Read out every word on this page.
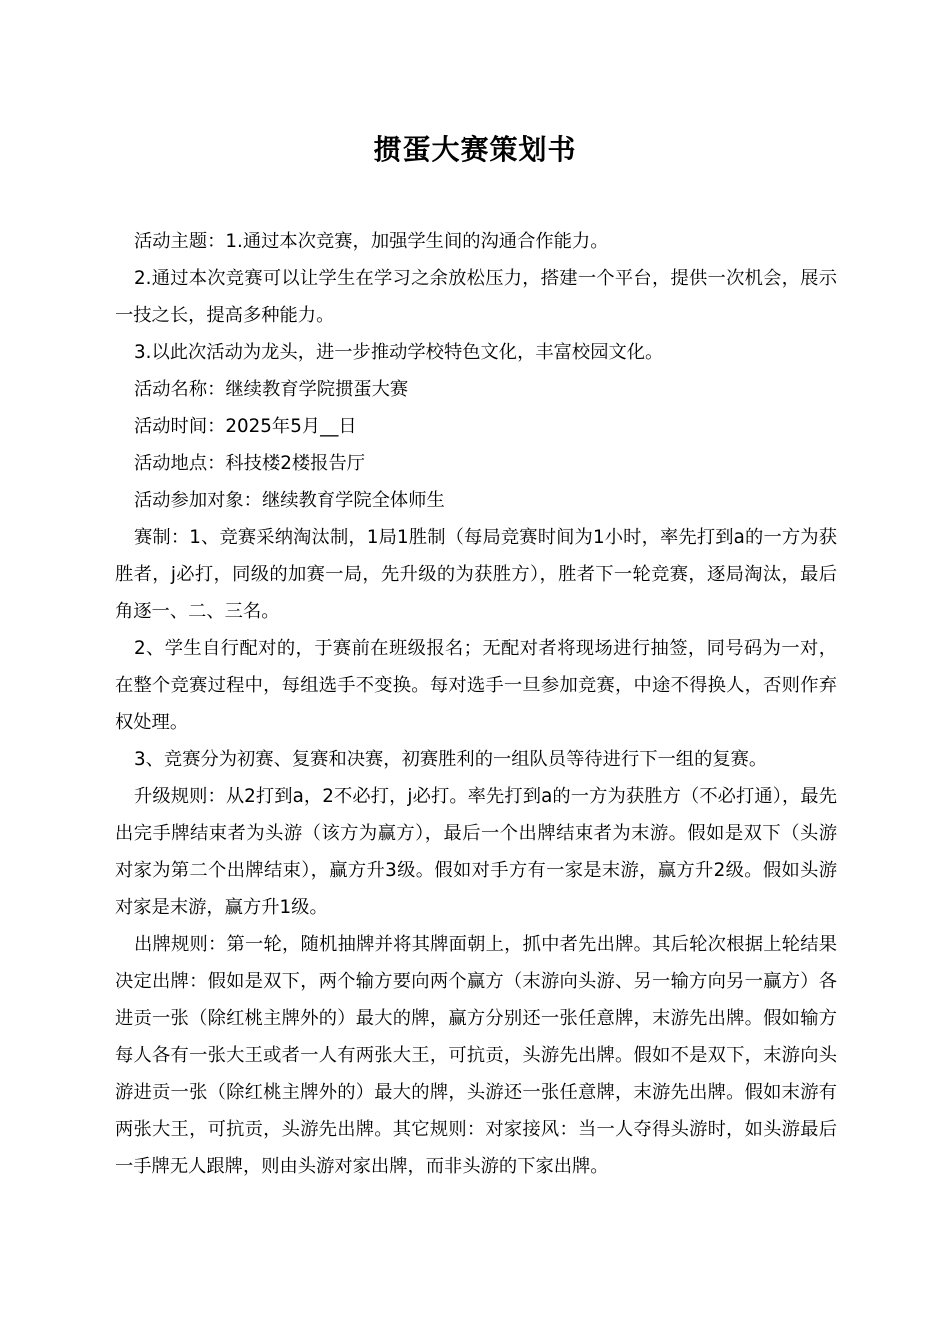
掼蛋大赛策划书

活动主题：1.通过本次竞赛，加强学生间的沟通合作能力。

2.通过本次竞赛可以让学生在学习之余放松压力，搭建一个平台，提供一次机会，展示一技之长，提高多种能力。

3.以此次活动为龙头，进一步推动学校特色文化，丰富校园文化。

活动名称：继续教育学院掼蛋大赛

活动时间：2025年5月__日

活动地点：科技楼2楼报告厅

活动参加对象：继续教育学院全体师生

赛制：1、竞赛采纳淘汰制，1局1胜制（每局竞赛时间为1小时，率先打到a的一方为获胜者，j必打，同级的加赛一局，先升级的为获胜方），胜者下一轮竞赛，逐局淘汰，最后角逐一、二、三名。

2、学生自行配对的，于赛前在班级报名；无配对者将现场进行抽签，同号码为一对，在整个竞赛过程中，每组选手不变换。每对选手一旦参加竞赛，中途不得换人，否则作弃权处理。

3、竞赛分为初赛、复赛和决赛，初赛胜利的一组队员等待进行下一组的复赛。

升级规则：从2打到a，2不必打，j必打。率先打到a的一方为获胜方（不必打通），最先出完手牌结束者为头游（该方为赢方），最后一个出牌结束者为末游。假如是双下（头游对家为第二个出牌结束），赢方升3级。假如对手方有一家是末游，赢方升2级。假如头游对家是末游，赢方升1级。

出牌规则：第一轮，随机抽牌并将其牌面朝上，抓中者先出牌。其后轮次根据上轮结果决定出牌：假如是双下，两个输方要向两个赢方（末游向头游、另一输方向另一赢方）各进贡一张（除红桃主牌外的）最大的牌，赢方分别还一张任意牌，末游先出牌。假如输方每人各有一张大王或者一人有两张大王，可抗贡，头游先出牌。假如不是双下，末游向头游进贡一张（除红桃主牌外的）最大的牌，头游还一张任意牌，末游先出牌。假如末游有两张大王，可抗贡，头游先出牌。其它规则：对家接风：当一人夺得头游时，如头游最后一手牌无人跟牌，则由头游对家出牌，而非头游的下家出牌。
